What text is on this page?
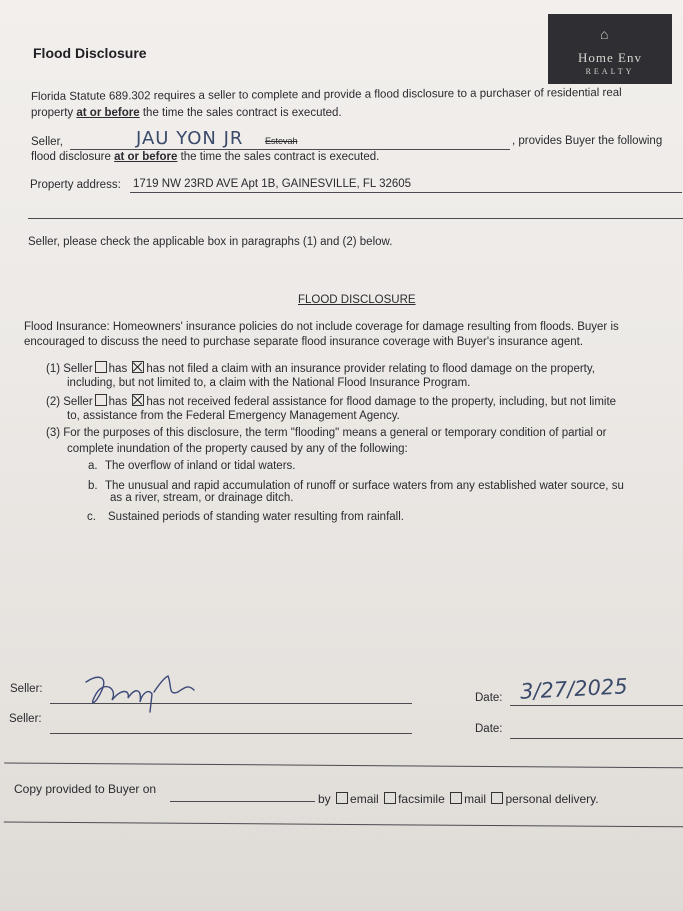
Flood Disclosure
⌂
Home Env
REALTY
Florida Statute 689.302 requires a seller to complete and provide a flood disclosure to a purchaser of residential real
property at or before the time the sales contract is executed.
Seller,	JAU YON JR Estevah	, provides Buyer the following
flood disclosure at or before the time the sales contract is executed.
Property address: 1719 NW 23RD AVE Apt 1B, GAINESVILLE, FL 32605
Seller, please check the applicable box in paragraphs (1) and (2) below.
FLOOD DISCLOSURE
Flood Insurance: Homeowners' insurance policies do not include coverage for damage resulting from floods. Buyer is
encouraged to discuss the need to purchase separate flood insurance coverage with Buyer's insurance agent.
(1) Seller has has not filed a claim with an insurance provider relating to flood damage on the property,
including, but not limited to, a claim with the National Flood Insurance Program.
(2) Seller has has not received federal assistance for flood damage to the property, including, but not limite
to, assistance from the Federal Emergency Management Agency.
(3) For the purposes of this disclosure, the term "flooding" means a general or temporary condition of partial or
complete inundation of the property caused by any of the following:
a. The overflow of inland or tidal waters.
b. The unusual and rapid accumulation of runoff or surface waters from any established water source, su
as a river, stream, or drainage ditch.
c. Sustained periods of standing water resulting from rainfall.
Seller:
Date: 3/27/2025
Seller:
Date:
Copy provided to Buyer on
by email facsimile mail personal delivery.
